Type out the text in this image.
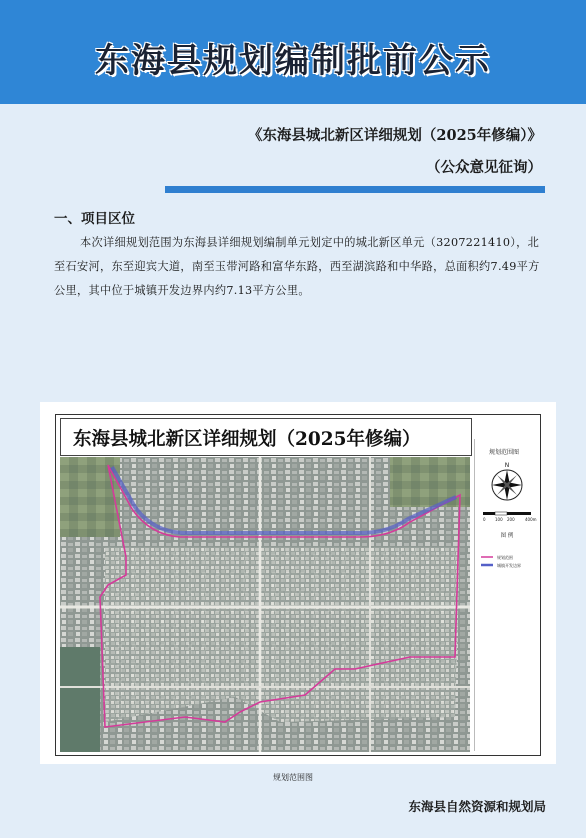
东海县规划编制批前公示
《东海县城北新区详细规划（2025年修编）》
（公众意见征询）
一、项目区位
本次详细规划范围为东海县详细规划编制单元划定中的城北新区单元（3207221410），北至石安河，东至迎宾大道，南至玉带河路和富华东路，西至湖滨路和中华路，总面积约7.49平方公里，其中位于城镇开发边界内约7.13平方公里。
东海县城北新区详细规划（2025年修编）
规划范围图
N
0 100 200	400m
图 例
规划范围
城镇开发边界
规划范围图
东海县自然资源和规划局
